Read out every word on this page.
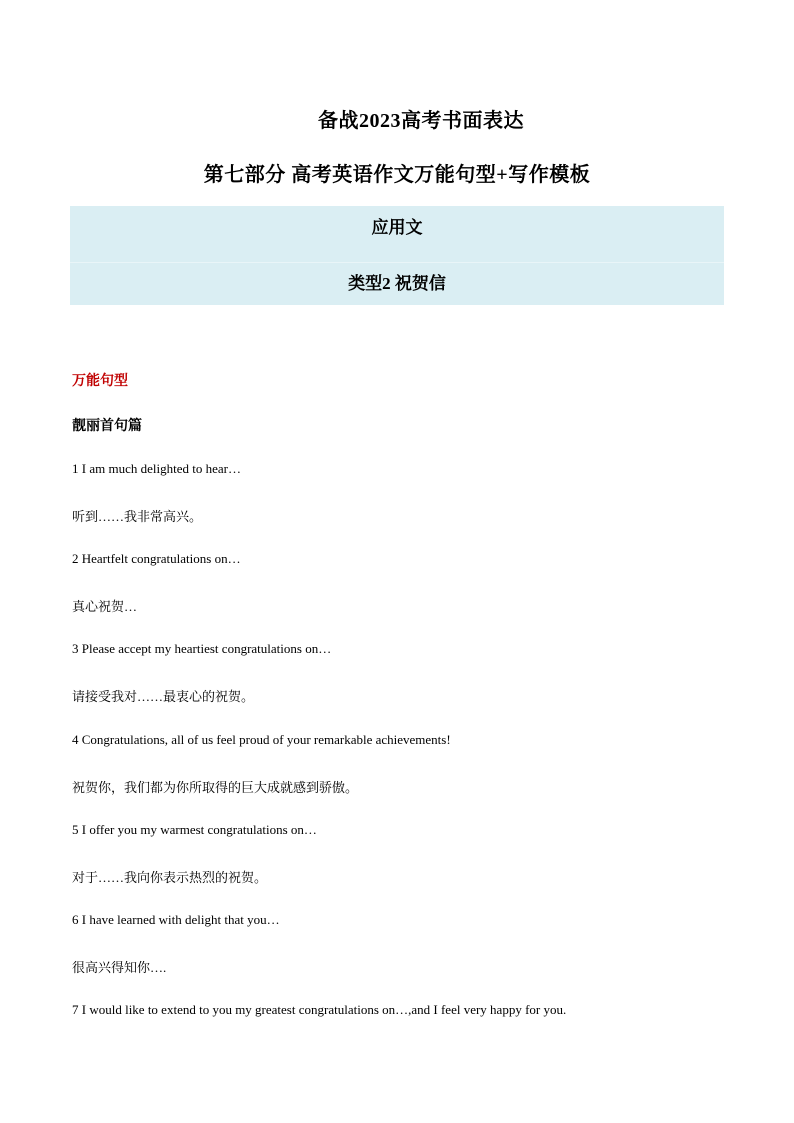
备战2023高考书面表达
第七部分 高考英语作文万能句型+写作模板
应用文
类型2 祝贺信
万能句型
靓丽首句篇
1 I am much delighted to hear…
听到……我非常高兴。
2 Heartfelt congratulations on…
真心祝贺…
3 Please accept my heartiest congratulations on…
请接受我对……最衷心的祝贺。
4 Congratulations, all of us feel proud of your remarkable achievements!
祝贺你，我们都为你所取得的巨大成就感到骄傲。
5 I offer you my warmest congratulations on…
对于……我向你表示热烈的祝贺。
6 I have learned with delight that you…
很高兴得知你….
7 I would like to extend to you my greatest congratulations on…,and I feel very happy for you.
